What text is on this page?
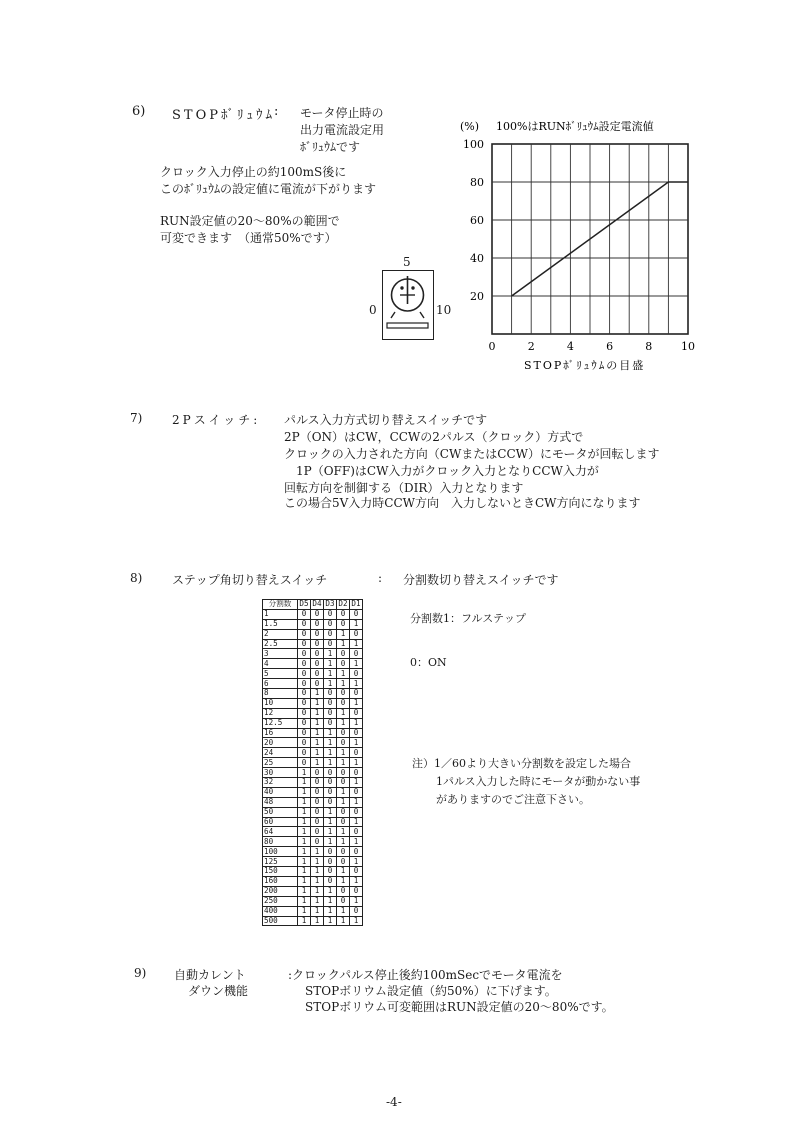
6) STOPﾎﾞﾘｭｳﾑ : モータ停止時の
出力電流設定用
ﾎﾞﾘｭｳﾑです
クロック入力停止の約100mS後に
このﾎﾞﾘｭｳﾑの設定値に電流が下がります
RUN設定値の20～80%の範囲で
可変できます　（通常50%です）
5
0	10
(%) 100%はRUNﾎﾞﾘｭｳﾑ設定電流値
0	2	4	6	8	10
20
40
60
80
100
STOPﾎﾞﾘｭｳﾑの目盛
7) 2Pスイッチ: パルス入力方式切り替えスイッチです
2P（ON）はCW，CCWの2パルス（クロック）方式で
クロックの入力された方向（CWまたはCCW）にモータが回転します
1P（OFF)はCW入力がクロック入力となりCCW入力が
回転方向を制御する（DIR）入力となります
この場合5V入力時CCW方向　入力しないときCW方向になります
8) ステップ角切り替えスイッチ	: 分割数切り替えスイッチです
分割数	D5	D4	D3	D2	D1
1	0	0	0	0	0
1.5	0	0	0	0	1
2	0	0	0	1	0
2.5	0	0	0	1	1
3	0	0	1	0	0
4	0	0	1	0	1
5	0	0	1	1	0
6	0	0	1	1	1
8	0	1	0	0	0
10	0	1	0	0	1
12	0	1	0	1	0
12.5	0	1	0	1	1
16	0	1	1	0	0
20	0	1	1	0	1
24	0	1	1	1	0
25	0	1	1	1	1
30	1	0	0	0	0
32	1	0	0	0	1
40	1	0	0	1	0
48	1	0	0	1	1
50	1	0	1	0	0
60	1	0	1	0	1
64	1	0	1	1	0
80	1	0	1	1	1
100	1	1	0	0	0
125	1	1	0	0	1
150	1	1	0	1	0
160	1	1	0	1	1
200	1	1	1	0	0
250	1	1	1	0	1
400	1	1	1	1	0
500	1	1	1	1	1
分割数1：フルステップ
0：ON
注）1／60より大きい分割数を設定した場合
1パルス入力した時にモータが動かない事
がありますのでご注意下さい。
9) 自動カレント
ダウン機能
:クロックパルス停止後約100mSecでモータ電流を
STOPボリウム設定値（約50%）に下げます。
STOPボリウム可変範囲はRUN設定値の20～80%です。
-4-
